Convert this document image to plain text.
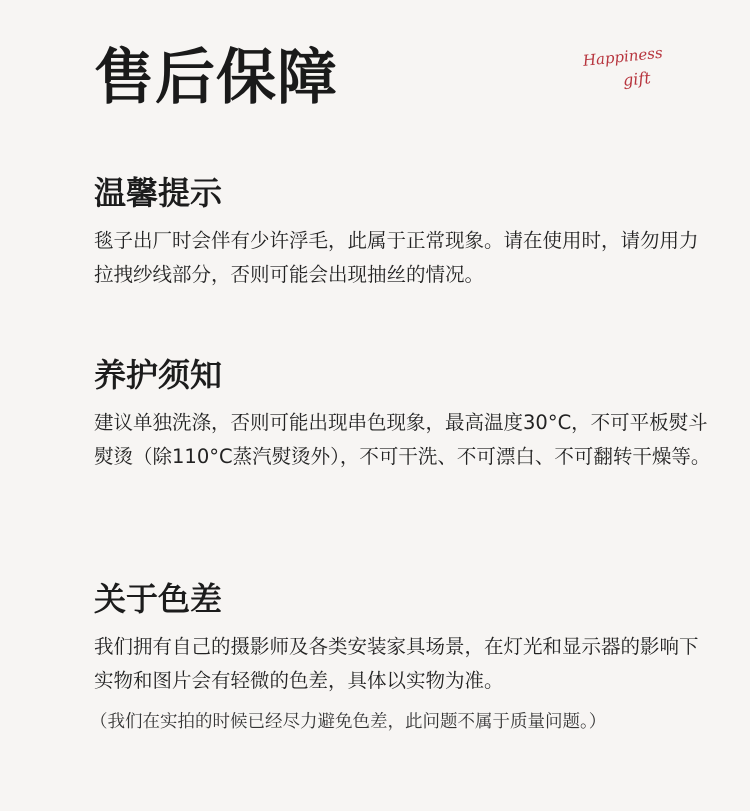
售后保障	Happiness
gift
温馨提示

毯子出厂时会伴有少许浮毛，此属于正常现象。请在使用时，请勿用力拉拽纱线部分，否则可能会出现抽丝的情况。

养护须知

建议单独洗涤，否则可能出现串色现象，最高温度30°C，不可平板熨斗熨烫（除110°C蒸汽熨烫外），不可干洗、不可漂白、不可翻转干燥等。

关于色差

我们拥有自己的摄影师及各类安装家具场景，在灯光和显示器的影响下实物和图片会有轻微的色差，具体以实物为准。

（我们在实拍的时候已经尽力避免色差，此问题不属于质量问题。）
